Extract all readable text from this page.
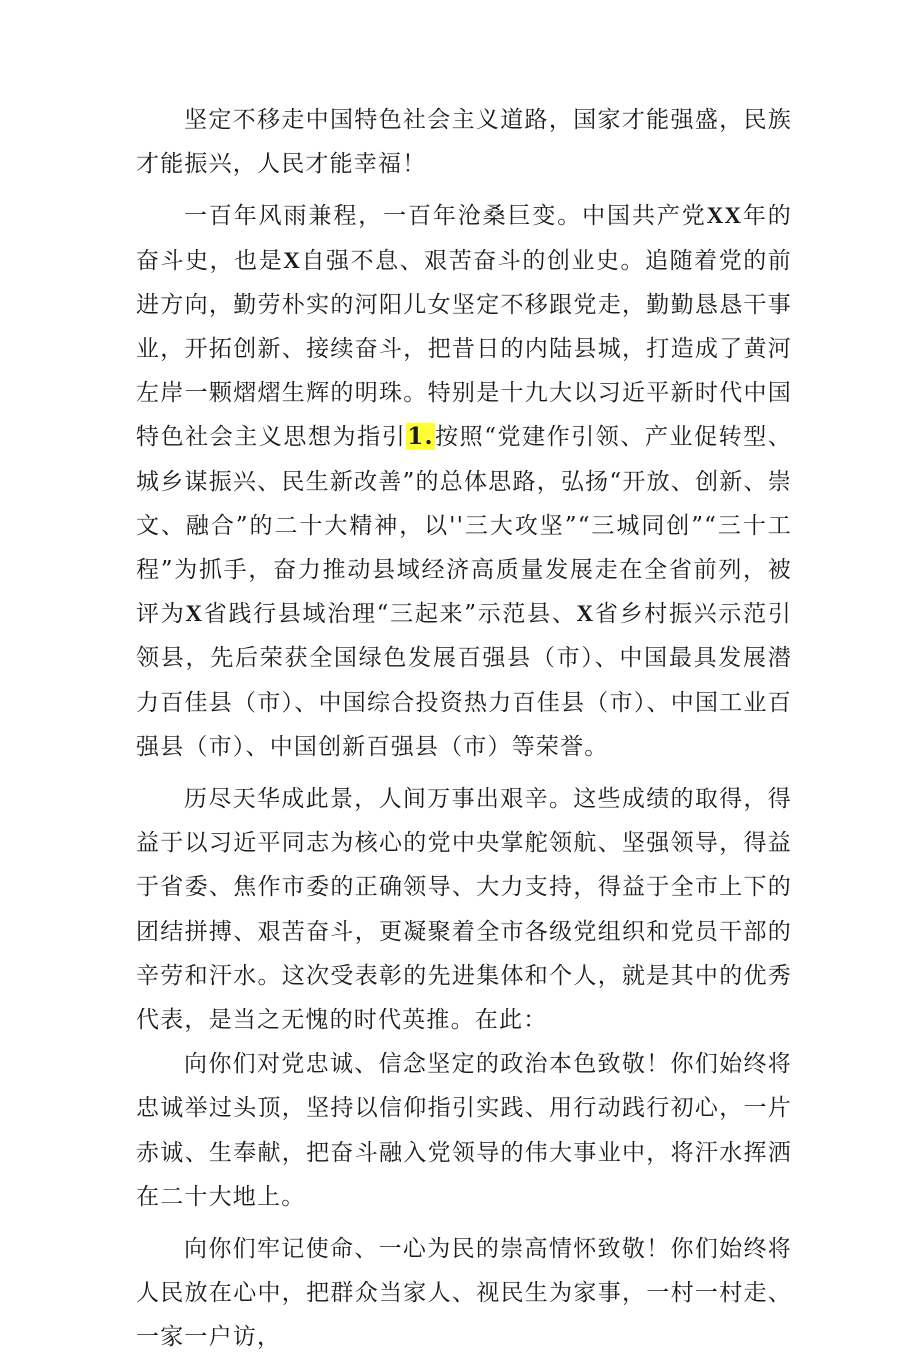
坚定不移走中国特色社会主义道路，国家才能强盛，民族才能振兴，人民才能幸福！

一百年风雨兼程，一百年沧桑巨变。中国共产党XX年的奋斗史，也是X自强不息、艰苦奋斗的创业史。追随着党的前进方向，勤劳朴实的河阳儿女坚定不移跟党走，勤勤恳恳干事业，开拓创新、接续奋斗，把昔日的内陆县城，打造成了黄河左岸一颗熠熠生辉的明珠。特别是十九大以习近平新时代中国特色社会主义思想为指引1.按照“党建作引领、产业促转型、城乡谋振兴、民生新改善”的总体思路，弘扬“开放、创新、崇文、融合”的二十大精神，以''三大攻坚”“三城同创”“三十工程”为抓手，奋力推动县域经济高质量发展走在全省前列，被评为X省践行县域治理“三起来”示范县、X省乡村振兴示范引领县，先后荣获全国绿色发展百强县（市）、中国最具发展潜力百佳县（市）、中国综合投资热力百佳县（市）、中国工业百强县（市）、中国创新百强县（市）等荣誉。

历尽天华成此景，人间万事出艰辛。这些成绩的取得，得益于以习近平同志为核心的党中央掌舵领航、坚强领导，得益于省委、焦作市委的正确领导、大力支持，得益于全市上下的团结拼搏、艰苦奋斗，更凝聚着全市各级党组织和党员干部的辛劳和汗水。这次受表彰的先进集体和个人，就是其中的优秀代表，是当之无愧的时代英推。在此：

向你们对党忠诚、信念坚定的政治本色致敬！你们始终将忠诚举过头顶，坚持以信仰指引实践、用行动践行初心，一片赤诚、生奉献，把奋斗融入党领导的伟大事业中，将汗水挥洒在二十大地上。

向你们牢记使命、一心为民的崇高情怀致敬！你们始终将人民放在心中，把群众当家人、视民生为家事，一村一村走、一家一户访，
